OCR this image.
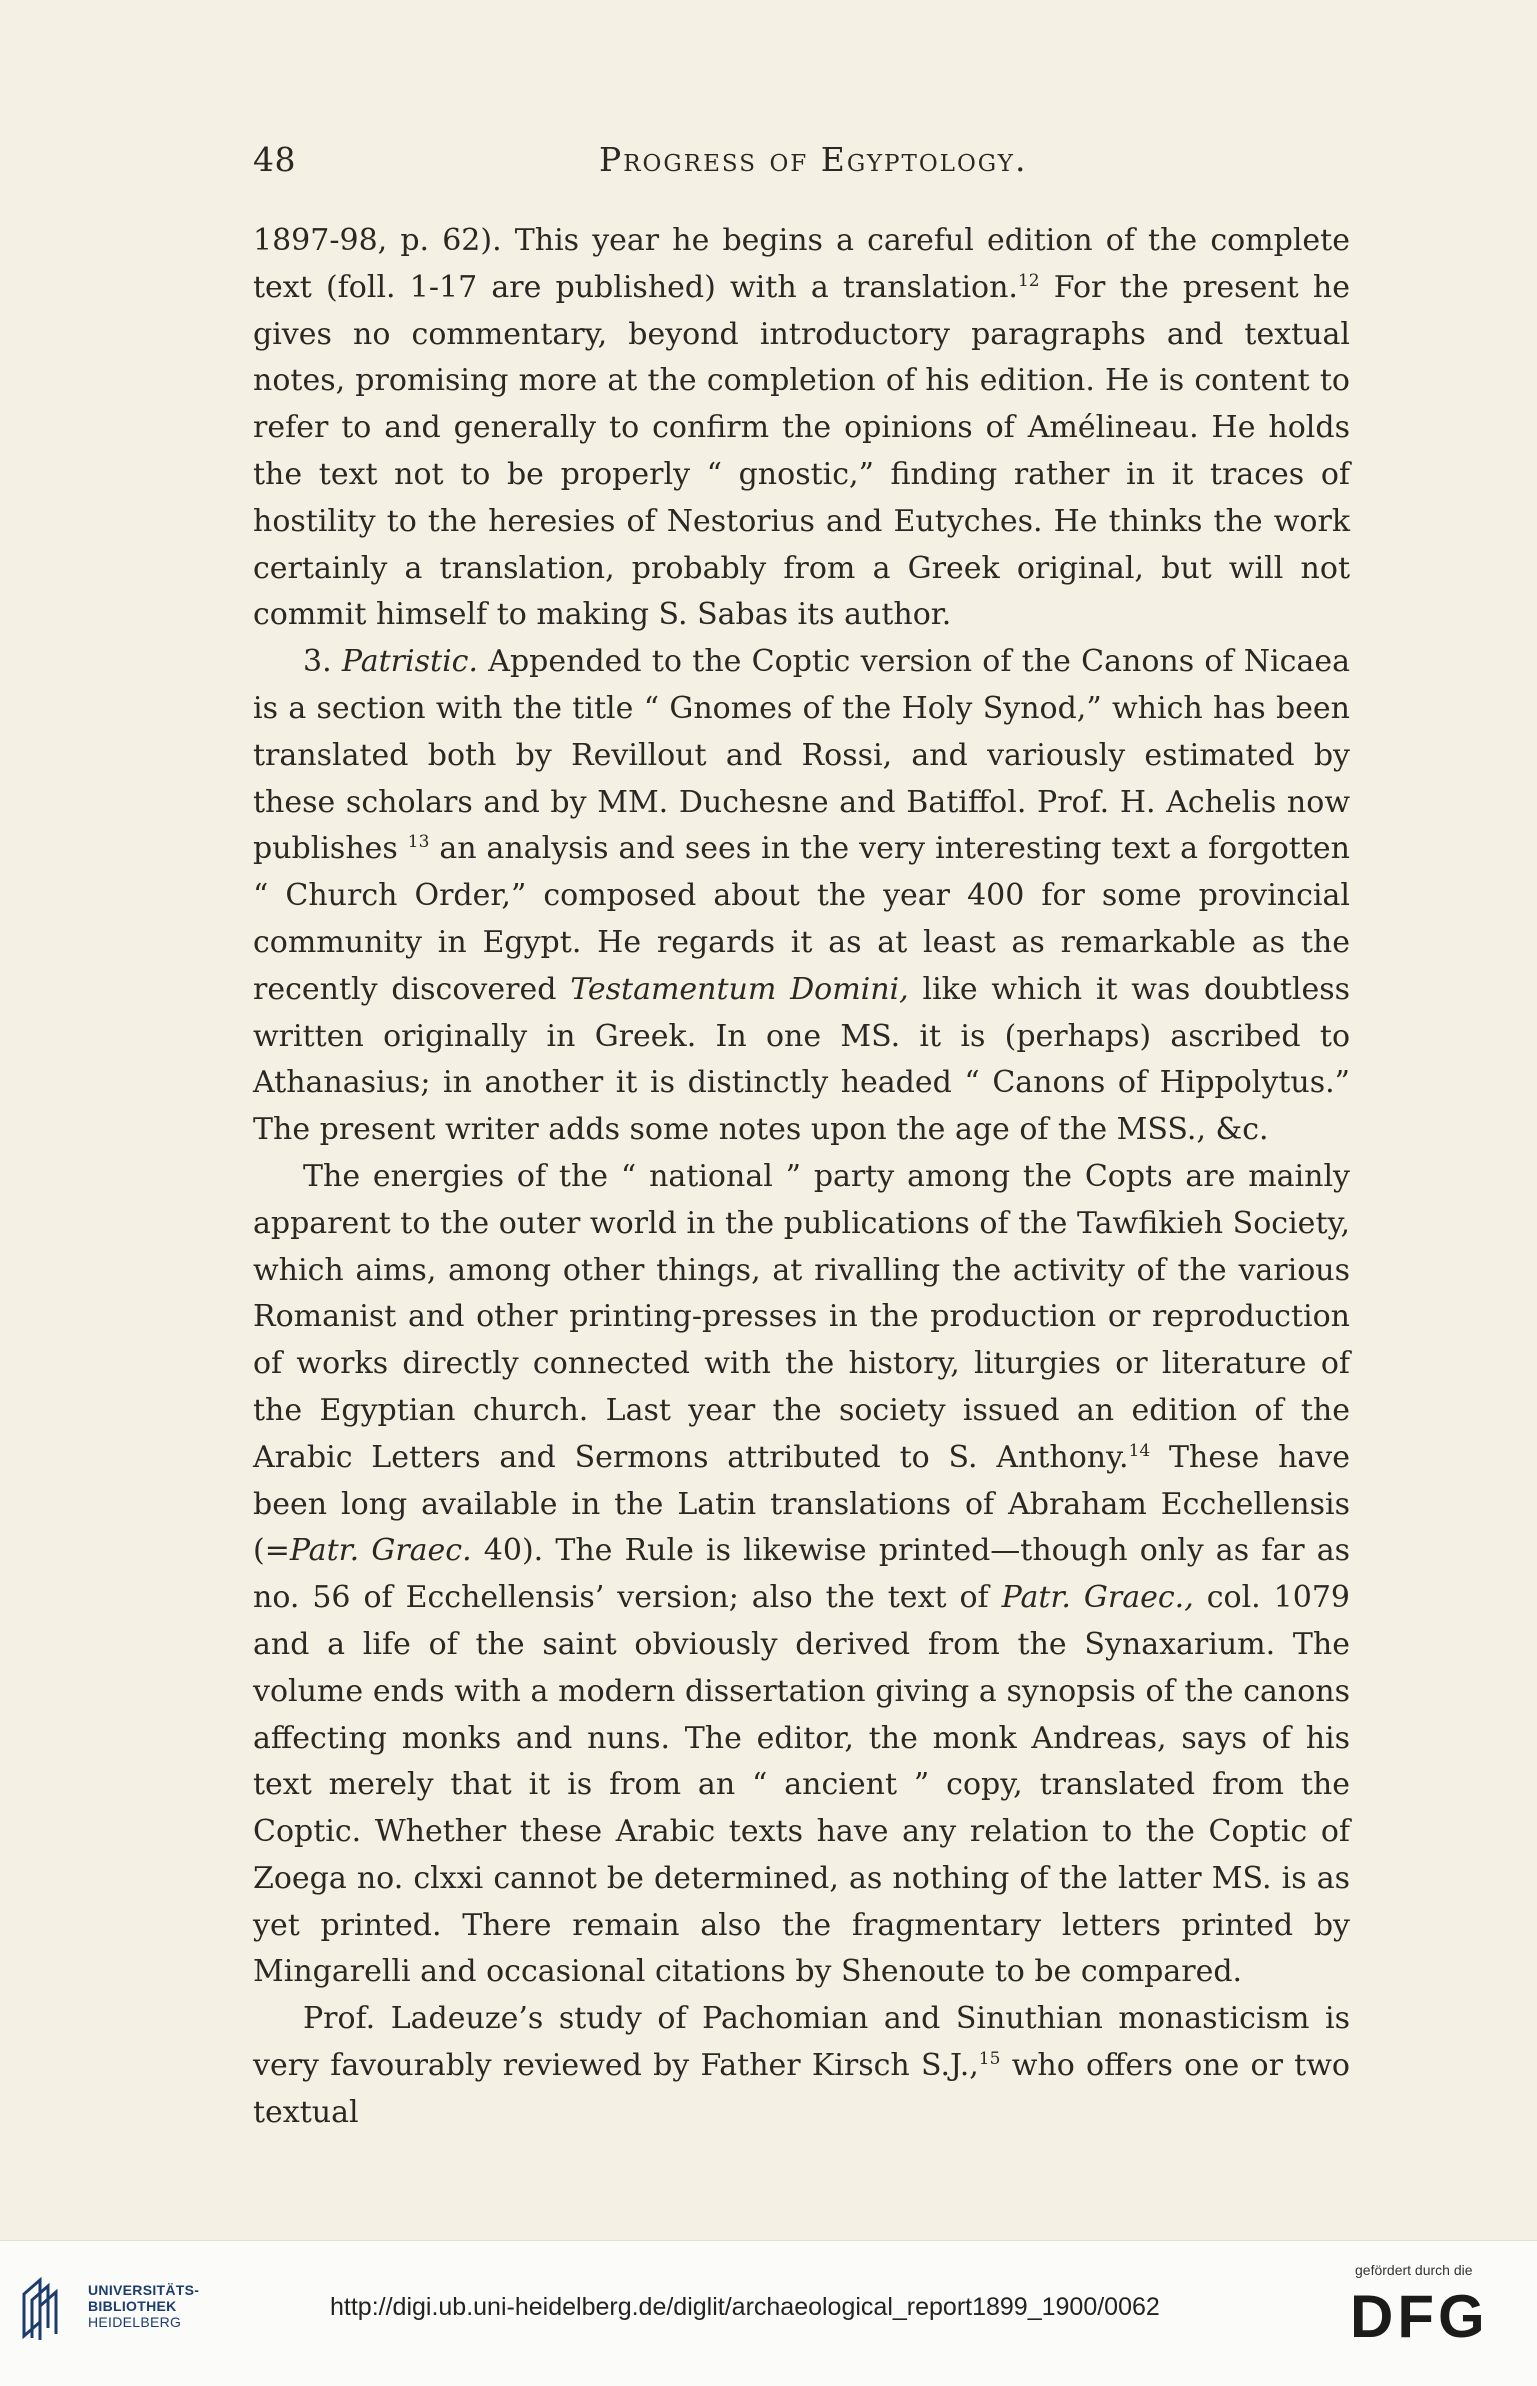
48	Progress of Egyptology.

1897-98, p. 62). This year he begins a careful edition of the complete text (foll. 1-17 are published) with a translation.$^{12}$ For the present he gives no commentary, beyond introductory paragraphs and textual notes, promising more at the completion of his edition. He is content to refer to and generally to confirm the opinions of Amélineau. He holds the text not to be properly “ gnostic,” finding rather in it traces of hostility to the heresies of Nestorius and Eutyches. He thinks the work certainly a translation, probably from a Greek original, but will not commit himself to making S. Sabas its author.

3. Patristic. Appended to the Coptic version of the Canons of Nicaea is a section with the title “ Gnomes of the Holy Synod,” which has been translated both by Revillout and Rossi, and variously estimated by these scholars and by MM. Duchesne and Batiffol. Prof. H. Achelis now publishes $^{13}$ an analysis and sees in the very interesting text a forgotten “ Church Order,” composed about the year 400 for some provincial community in Egypt. He regards it as at least as remarkable as the recently discovered Testamentum Domini, like which it was doubtless written originally in Greek. In one MS. it is (perhaps) ascribed to Athanasius; in another it is distinctly headed “ Canons of Hippolytus.” The present writer adds some notes upon the age of the MSS., &c.

The energies of the “ national ” party among the Copts are mainly apparent to the outer world in the publications of the Tawfikieh Society, which aims, among other things, at rivalling the activity of the various Romanist and other printing-presses in the production or reproduction of works directly connected with the history, liturgies or literature of the Egyptian church. Last year the society issued an edition of the Arabic Letters and Sermons attributed to S. Anthony.$^{14}$ These have been long available in the Latin translations of Abraham Ecchellensis (=Patr. Graec. 40). The Rule is likewise printed—though only as far as no. 56 of Ecchellensis’ version; also the text of Patr. Graec., col. 1079 and a life of the saint obviously derived from the Synaxarium. The volume ends with a modern dissertation giving a synopsis of the canons affecting monks and nuns. The editor, the monk Andreas, says of his text merely that it is from an “ ancient ” copy, translated from the Coptic. Whether these Arabic texts have any relation to the Coptic of Zoega no. clxxi cannot be determined, as nothing of the latter MS. is as yet printed. There remain also the fragmentary letters printed by Mingarelli and occasional citations by Shenoute to be compared.

Prof. Ladeuze’s study of Pachomian and Sinuthian monasticism is very favourably reviewed by Father Kirsch S.J.,$^{15}$ who offers one or two textual

UNIVERSITÄTS-
BIBLIOTHEK
HEIDELBERG
http://digi.ub.uni-heidelberg.de/diglit/archaeological_report1899_1900/0062
gefördert durch die
DFG
